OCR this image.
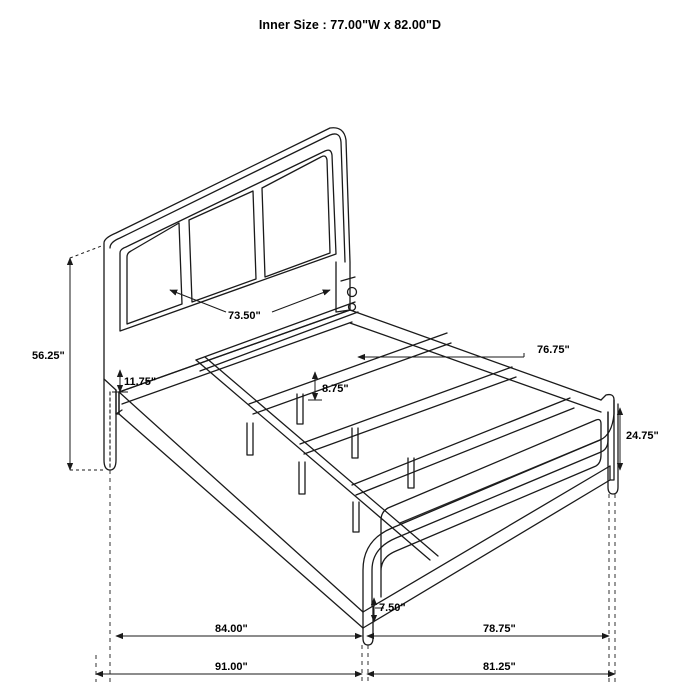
Inner Size : 77.00"W x 82.00"D
56.25"
73.50"
11.75"
8.75"
76.75"
24.75"
7.50"
84.00"	78.75"
91.00"	81.25"
